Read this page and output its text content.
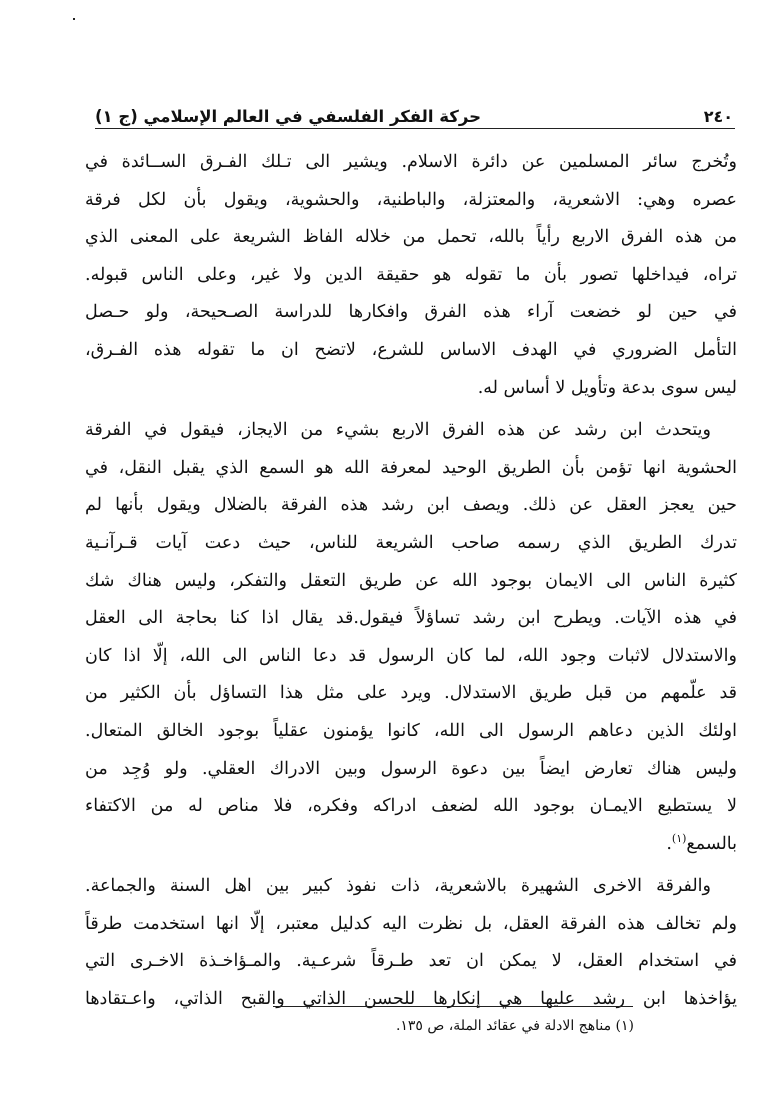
٢٤٠
حركة الفكر الفلسفي في العالم الإسلامي (ج ١)
وتُخرج سائر المسلمين عن دائرة الاسلام. ويشير الى تـلك الفـرق الســائدة في
عصره وهي: الاشعرية، والمعتزلة، والباطنية، والحشوية، ويقول بأن لكل فرقة
من هذه الفرق الاربع رأياً بالله، تحمل من خلاله الفاظ الشريعة على المعنى الذي
تراه، فيداخلها تصور بأن ما تقوله هو حقيقة الدين ولا غير، وعلى الناس قبوله.
في حين لو خضعت آراء هذه الفرق وافكارها للدراسة الصـحيحة، ولو حـصل
التأمل الضروري في الهدف الاساس للشرع، لاتضح ان ما تقوله هذه الفـرق،
ليس سوى بدعة وتأويل لا أساس له.
ويتحدث ابن رشد عن هذه الفرق الاربع بشيء من الايجاز، فيقول في الفرقة
الحشوية انها تؤمن بأن الطريق الوحيد لمعرفة الله هو السمع الذي يقبل النقل، في
حين يعجز العقل عن ذلك. ويصف ابن رشد هذه الفرقة بالضلال ويقول بأنها لم
تدرك الطريق الذي رسمه صاحب الشريعة للناس، حيث دعت آيات قـرآنـية
كثيرة الناس الى الايمان بوجود الله عن طريق التعقل والتفكر، وليس هناك شك
في هذه الآيات. ويطرح ابن رشد تساؤلاً فيقول.قد يقال اذا كنا بحاجة الى العقل
والاستدلال لاثبات وجود الله، لما كان الرسول قد دعا الناس الى الله، إلّا اذا كان
قد علّمهم من قبل طريق الاستدلال. ويرد على مثل هذا التساؤل بأن الكثير من
اولئك الذين دعاهم الرسول الى الله، كانوا يؤمنون عقلياً بوجود الخالق المتعال.
وليس هناك تعارض ايضاً بين دعوة الرسول وبين الادراك العقلي. ولو وُجِد من
لا يستطيع الايمـان بوجود الله لضعف ادراكه وفكره، فلا مناص له من الاكتفاء
بالسمع$^{(١)}$.
والفرقة الاخرى الشهيرة بالاشعرية، ذات نفوذ كبير بين اهل السنة والجماعة.
ولم تخالف هذه الفرقة العقل، بل نظرت اليه كدليل معتبر، إلّا انها استخدمت طرقاً
في استخدام العقل، لا يمكن ان تعد طـرقاً شرعـية. والمـؤاخـذة الاخـرى التي
يؤاخذها ابن رشد عليها هي إنكارها للحسن الذاتي والقبح الذاتي، واعـتقادها
(١) مناهج الادلة في عقائد الملة، ص ١٣٥.
